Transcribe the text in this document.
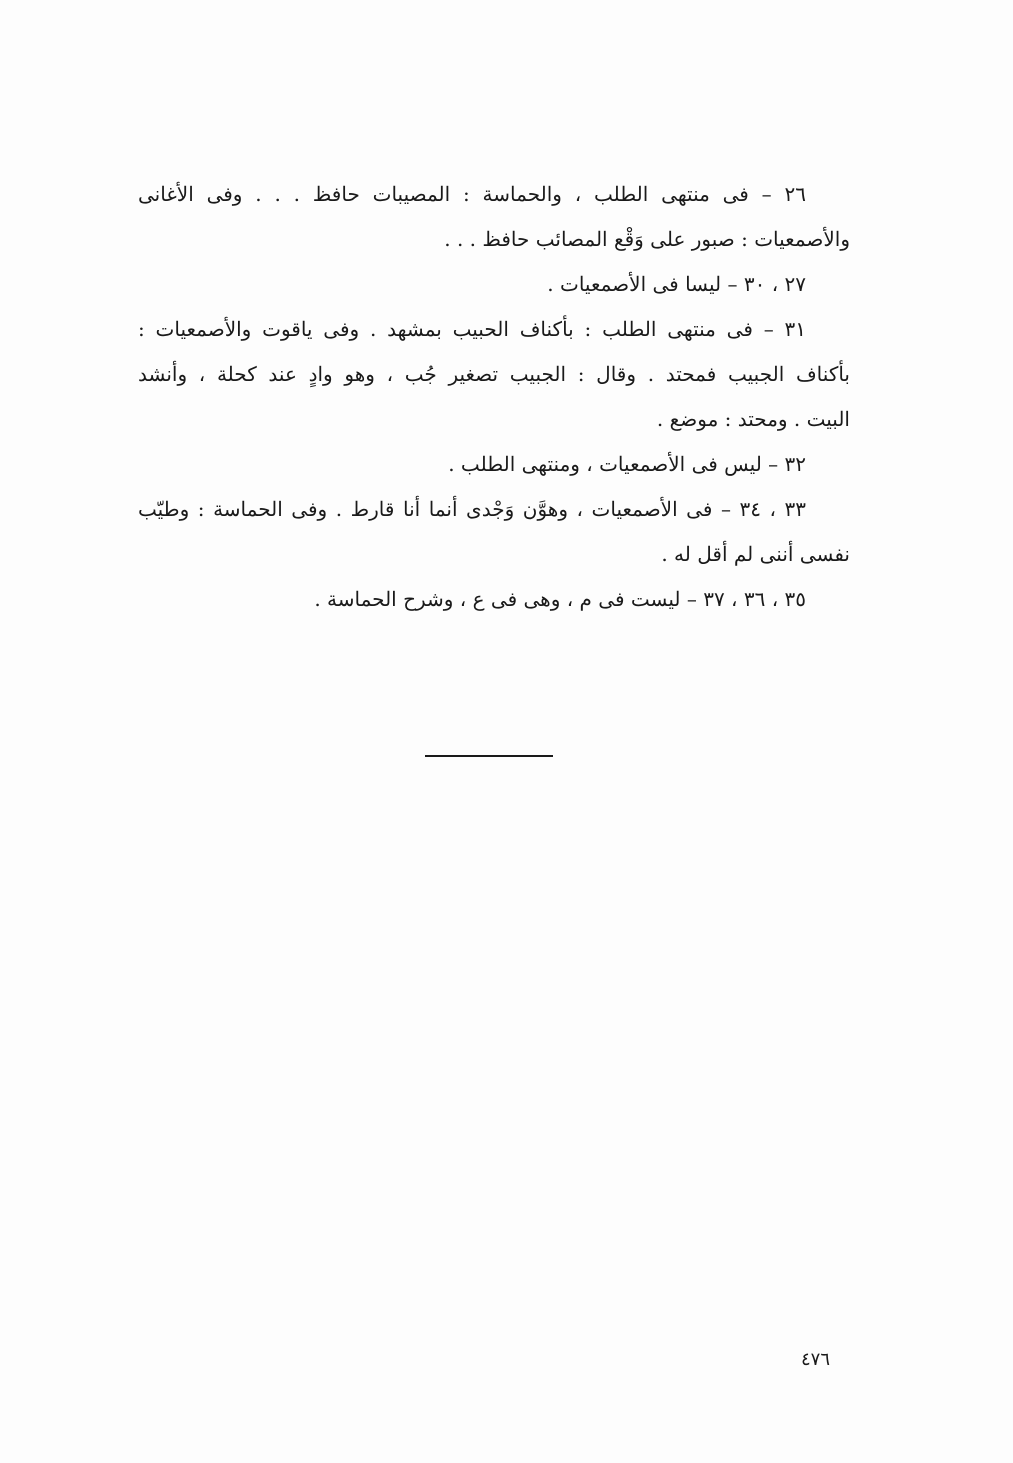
٢٦ – فى منتهى الطلب ، والحماسة : المصيبات حافظ . . . وفى الأغانى
والأصمعيات : صبور على وَقْع المصائب حافظ . . .
٢٧ ، ٣٠ – ليسا فى الأصمعيات .
٣١ – فى منتهى الطلب : بأكناف الحبيب بمشهد . وفى ياقوت والأصمعيات :
بأكناف الجبيب فمحتد . وقال : الجبيب تصغير جُب ، وهو وادٍ عند كحلة ، وأنشد
البيت . ومحتد : موضع .
٣٢ – ليس فى الأصمعيات ، ومنتهى الطلب .
٣٣ ، ٣٤ – فى الأصمعيات ، وهوَّن وَجْدى أنما أنا قارط . وفى الحماسة : وطيّب
نفسى أننى لم أقل له .
٣٥ ، ٣٦ ، ٣٧ – ليست فى م ، وهى فى ع ، وشرح الحماسة .
٤٧٦
